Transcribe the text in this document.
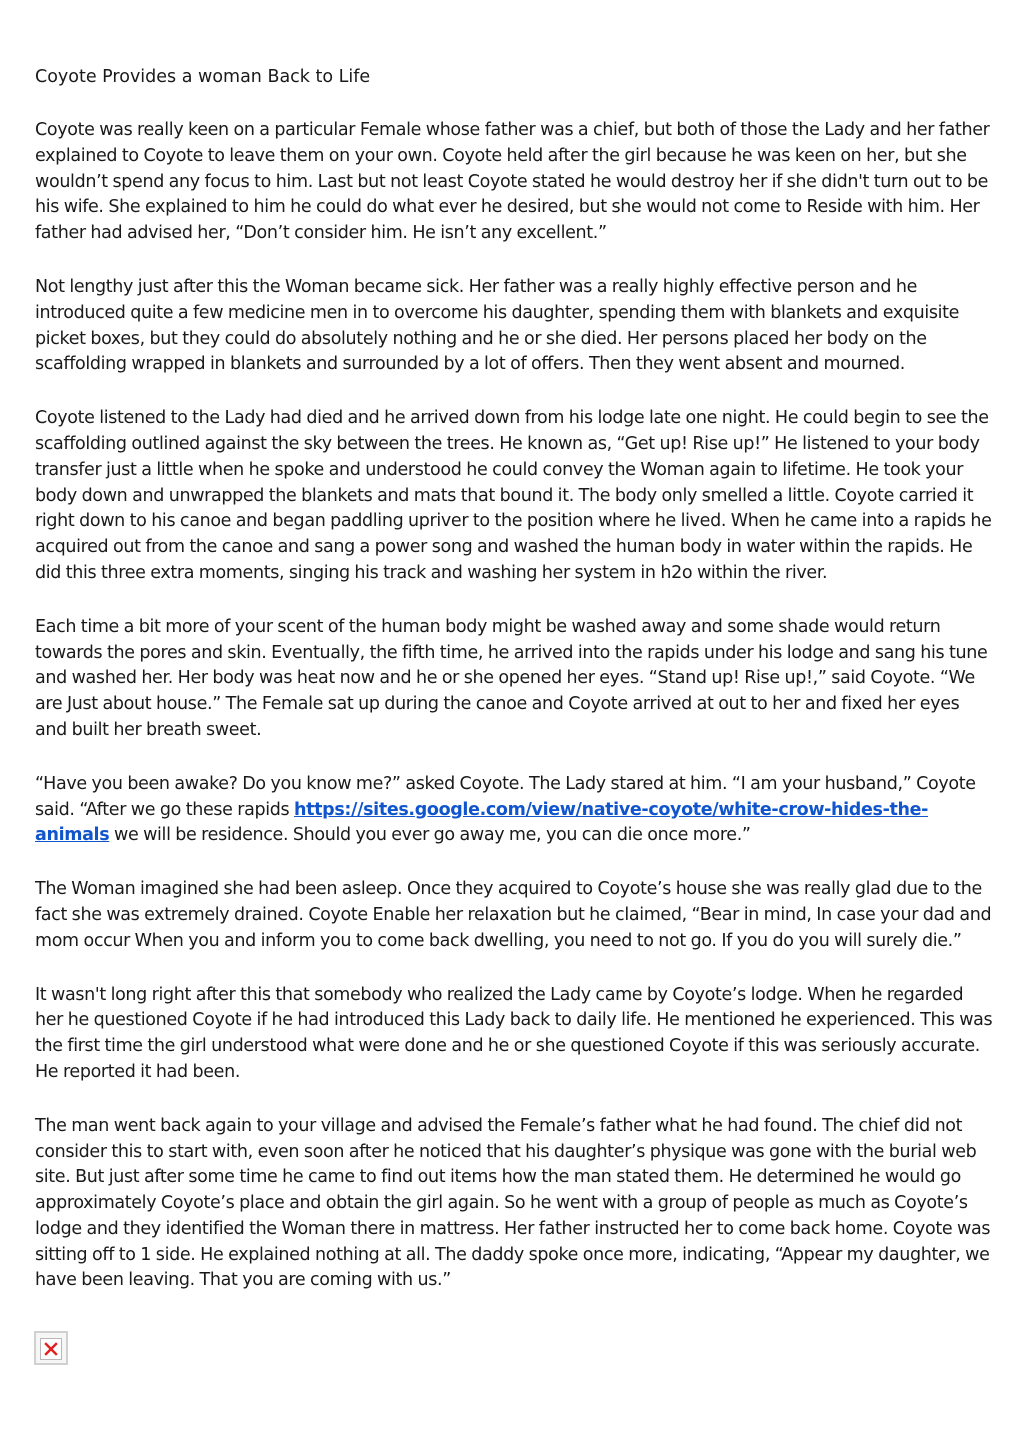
Coyote Provides a woman Back to Life

Coyote was really keen on a particular Female whose father was a chief, but both of those the Lady and her father explained to Coyote to leave them on your own. Coyote held after the girl because he was keen on her, but she wouldn’t spend any focus to him. Last but not least Coyote stated he would destroy her if she didn't turn out to be his wife. She explained to him he could do what ever he desired, but she would not come to Reside with him. Her father had advised her, “Don’t consider him. He isn’t any excellent.”

Not lengthy just after this the Woman became sick. Her father was a really highly effective person and he introduced quite a few medicine men in to overcome his daughter, spending them with blankets and exquisite picket boxes, but they could do absolutely nothing and he or she died. Her persons placed her body on the scaffolding wrapped in blankets and surrounded by a lot of offers. Then they went absent and mourned.

Coyote listened to the Lady had died and he arrived down from his lodge late one night. He could begin to see the scaffolding outlined against the sky between the trees. He known as, “Get up! Rise up!” He listened to your body transfer just a little when he spoke and understood he could convey the Woman again to lifetime. He took your body down and unwrapped the blankets and mats that bound it. The body only smelled a little. Coyote carried it right down to his canoe and began paddling upriver to the position where he lived. When he came into a rapids he acquired out from the canoe and sang a power song and washed the human body in water within the rapids. He did this three extra moments, singing his track and washing her system in h2o within the river.

Each time a bit more of your scent of the human body might be washed away and some shade would return towards the pores and skin. Eventually, the fifth time, he arrived into the rapids under his lodge and sang his tune and washed her. Her body was heat now and he or she opened her eyes. “Stand up! Rise up!,” said Coyote. “We are Just about house.” The Female sat up during the canoe and Coyote arrived at out to her and fixed her eyes and built her breath sweet.

“Have you been awake? Do you know me?” asked Coyote. The Lady stared at him. “I am your husband,” Coyote said. “After we go these rapids https://sites.google.com/view/native-coyote/white-crow-hides-the-animals we will be residence. Should you ever go away me, you can die once more.”

The Woman imagined she had been asleep. Once they acquired to Coyote’s house she was really glad due to the fact she was extremely drained. Coyote Enable her relaxation but he claimed, “Bear in mind, In case your dad and mom occur When you and inform you to come back dwelling, you need to not go. If you do you will surely die.”

It wasn't long right after this that somebody who realized the Lady came by Coyote’s lodge. When he regarded her he questioned Coyote if he had introduced this Lady back to daily life. He mentioned he experienced. This was the first time the girl understood what were done and he or she questioned Coyote if this was seriously accurate. He reported it had been.

The man went back again to your village and advised the Female’s father what he had found. The chief did not consider this to start with, even soon after he noticed that his daughter’s physique was gone with the burial web site. But just after some time he came to find out items how the man stated them. He determined he would go approximately Coyote’s place and obtain the girl again. So he went with a group of people as much as Coyote’s lodge and they identified the Woman there in mattress. Her father instructed her to come back home. Coyote was sitting off to 1 side. He explained nothing at all. The daddy spoke once more, indicating, “Appear my daughter, we have been leaving. That you are coming with us.”
